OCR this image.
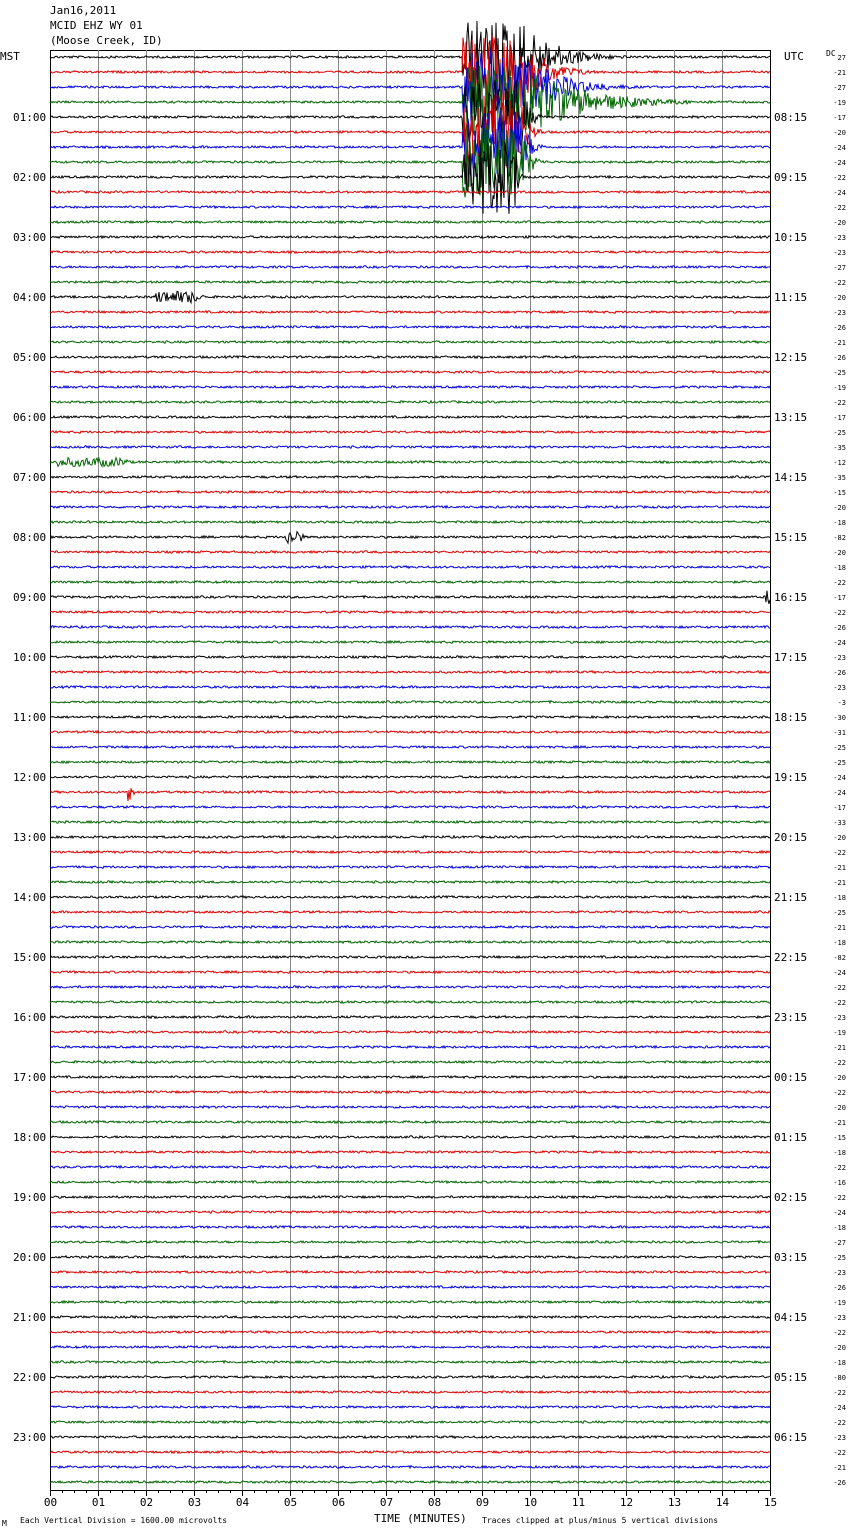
Jan16,2011
MCID EHZ WY 01
(Moose Creek, ID)
MST	UTC	DC
00	01	02	03	04	05	06	07	08	09	10	11	12	13	14	15
27
-21
-27
-19
-17
-20
-24
-24
-22
-24
-22
-20
-23
-23
-27
-22
-20
-23
-26
-21
-26
-25
-19
-22
-17
-25
-35
-12
-35
-15
-20
-18
-82
-20
-18
-22
-17
-22
-26
-24
-23
-26
-23
-3
-30
-31
-25
-25
-24
-24
-17
-33
-20
-22
-21
-21
-18
-25
-21
-18
-82
-24
-22
-22
-23
-19
-21
-22
-20
-22
-20
-21
-15
-18
-22
-16
-22
-24
-18
-27
-25
-23
-26
-19
-23
-22
-20
-18
-80
-22
-24
-22
-23
-22
-21
-26
01:00
02:00
03:00
04:00
05:00
06:00
07:00
08:00
09:00
10:00
11:00
12:00
13:00
14:00
15:00
16:00
17:00
18:00
19:00
20:00
21:00
22:00
23:00
08:15
09:15
10:15
11:15
12:15
13:15
14:15
15:15
16:15
17:15
18:15
19:15
20:15
21:15
22:15
23:15
00:15
01:15
02:15
03:15
04:15
05:15
06:15
TIME (MINUTES)
M Each Vertical Division = 1600.00 microvolts	Traces clipped at plus/minus 5 vertical divisions
